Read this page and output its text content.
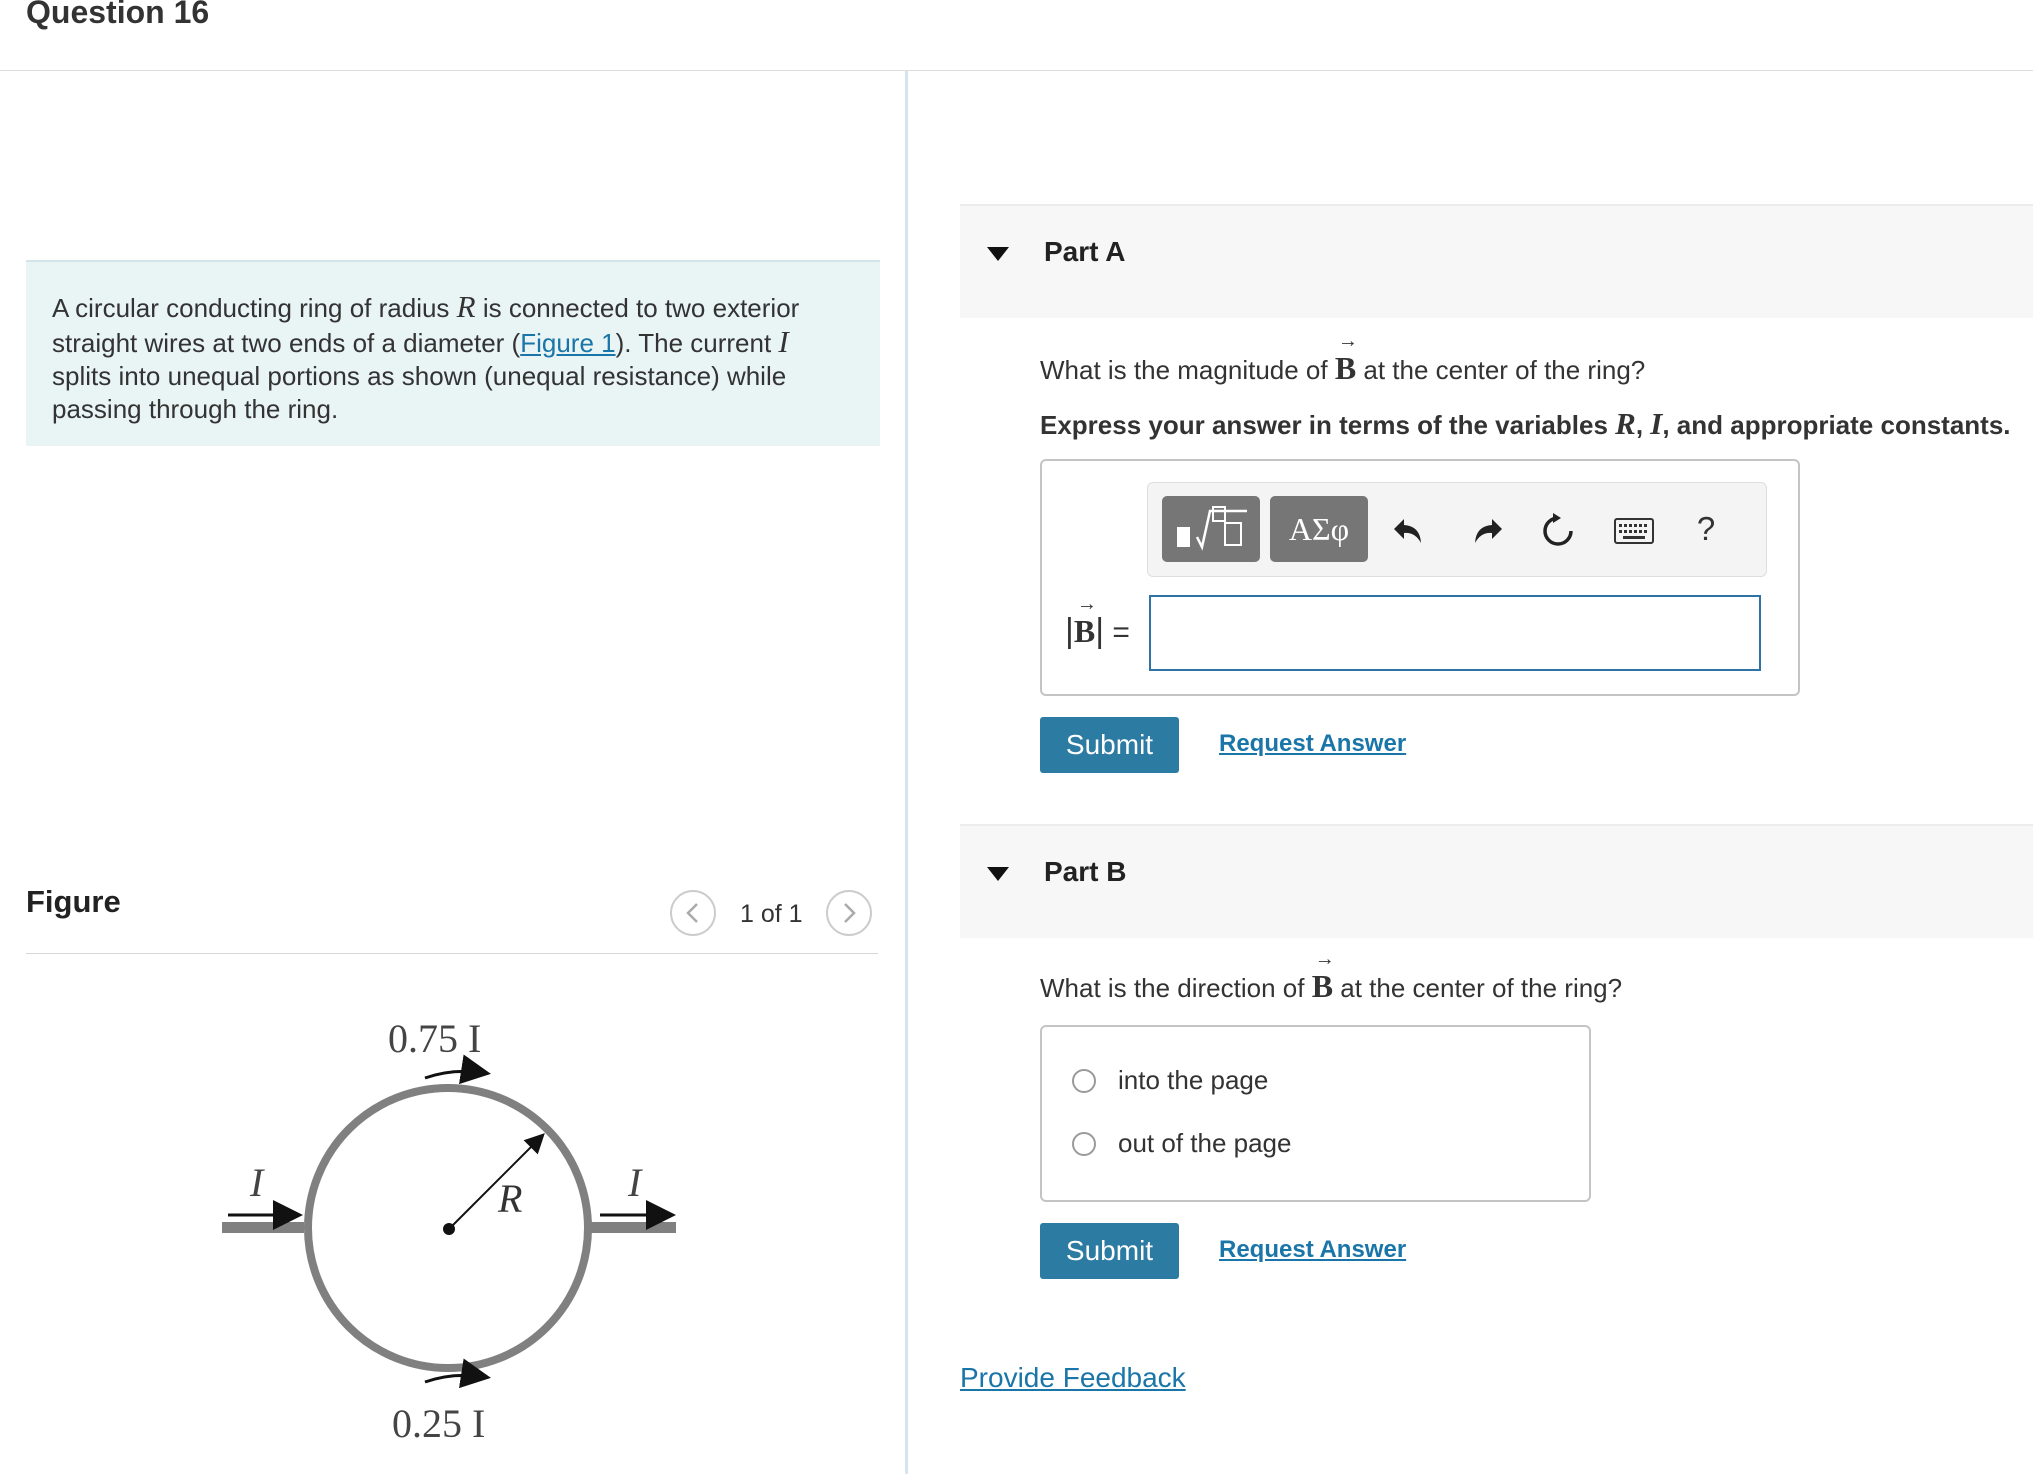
Question 16
A circular conducting ring of radius R is connected to two exterior straight wires at two ends of a diameter (Figure 1). The current I splits into unequal portions as shown (unequal resistance) while passing through the ring.
Figure	1 of 1
R
0.75 I
0.25 I
I	I
Part A
What is the magnitude of → B at the center of the ring?
Express your answer in terms of the variables R, I, and appropriate constants.
ΑΣφ	?
|→ B| =
Submit	Request Answer
Part B
What is the direction of → B at the center of the ring?
into the page
out of the page
Submit	Request Answer
Provide Feedback
